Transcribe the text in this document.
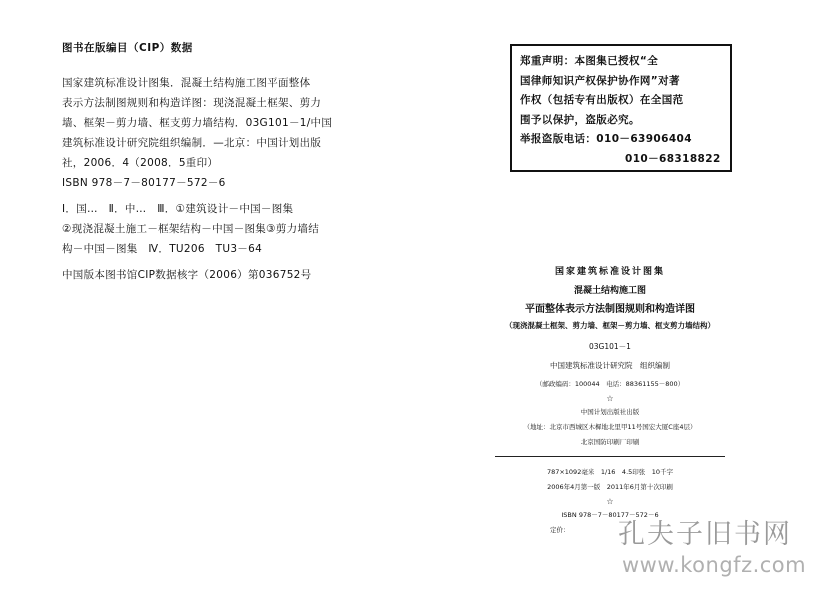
图书在版编目（CIP）数据
国家建筑标准设计图集．混凝土结构施工图平面整体
表示方法制图规则和构造详图：现浇混凝土框架、剪力
墙、框架－剪力墙、框支剪力墙结构．03G101－1/中国
建筑标准设计研究院组织编制．—北京：中国计划出版
社，2006．4（2008．5重印）
ISBN 978－7－80177－572－6
Ⅰ．国…　Ⅱ．中…　Ⅲ．①建筑设计－中国－图集
②现浇混凝土施工－框架结构－中国－图集③剪力墙结
构－中国－图集　Ⅳ．TU206　TU3－64
中国版本图书馆CIP数据核字（2006）第036752号
郑重声明：本图集已授权“全
国律师知识产权保护协作网”对著
作权（包括专有出版权）在全国范
围予以保护，盗版必究。
举报盗版电话：010－63906404
010－68318822
国家建筑标准设计图集
混凝土结构施工图
平面整体表示方法制图规则和构造详图
（现浇混凝土框架、剪力墙、框架－剪力墙、框支剪力墙结构）
03G101－1
中国建筑标准设计研究院　组织编制
（邮政编码：100044　电话：88361155－800）
☆
中国计划出版社出版
（地址：北京市西城区木樨地北里甲11号国宏大厦C座4层）
北京国防印刷厂印刷
787×1092毫米　1/16　4.5印张　10千字
2006年4月第一版　2011年6月第十次印刷
☆
ISBN 978－7－80177－572－6
定价：	孔夫子旧书网
www.kongfz.com
